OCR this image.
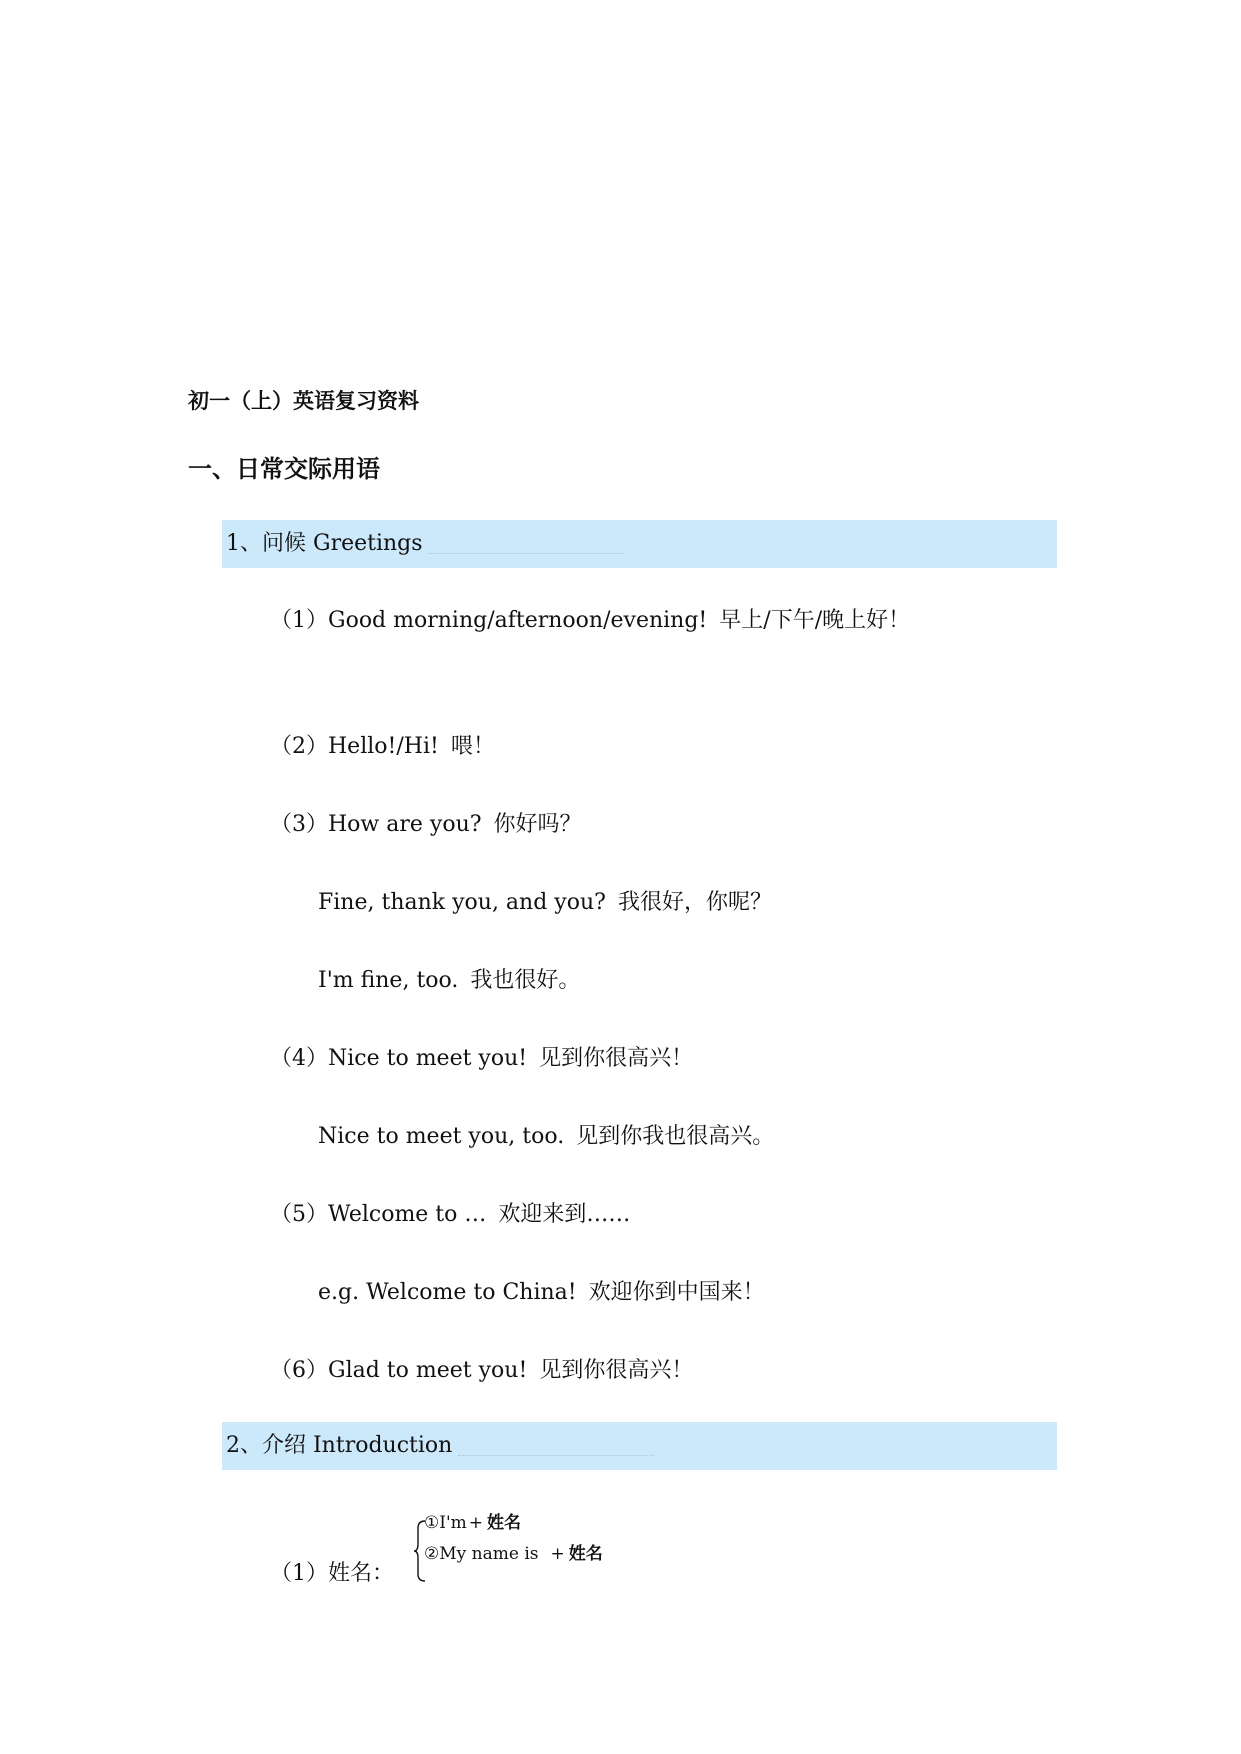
初一（上）英语复习资料
一、日常交际用语
1、问候 Greetings
（1）Good morning/afternoon/evening! 早上/下午/晚上好！
（2）Hello!/Hi! 喂！
（3）How are you? 你好吗？
Fine, thank you, and you? 我很好，你呢？
I'm fine, too. 我也很好。
（4）Nice to meet you! 见到你很高兴！
Nice to meet you, too. 见到你我也很高兴。
（5）Welcome to … 欢迎来到……
e.g. Welcome to China! 欢迎你到中国来！
（6）Glad to meet you! 见到你很高兴！
2、介绍 Introduction
（1）姓名：
①I'm + 姓名
②My name is + 姓名
